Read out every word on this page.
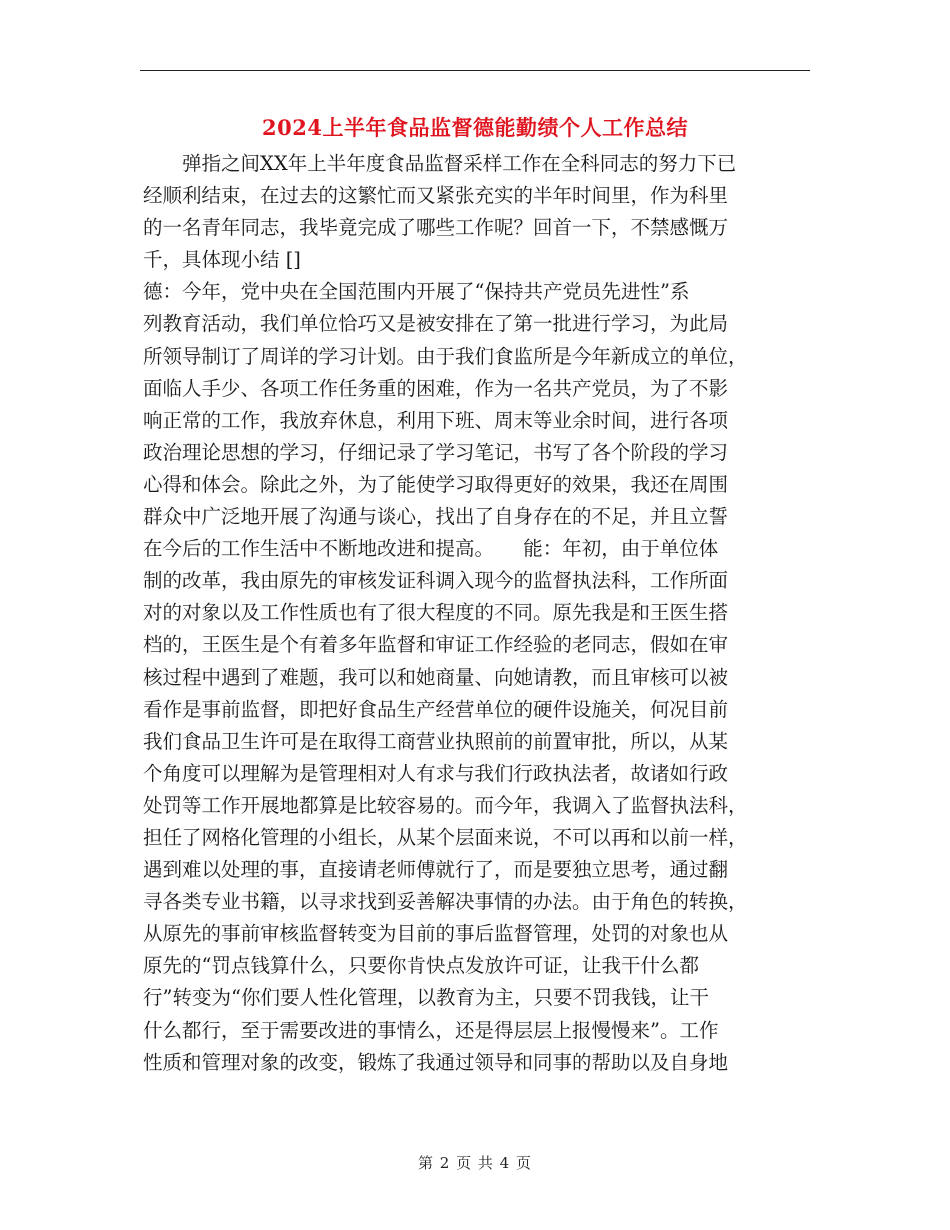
2024上半年食品监督德能勤绩个人工作总结
　　弹指之间XX年上半年度食品监督采样工作在全科同志的努力下已
经顺利结束，在过去的这繁忙而又紧张充实的半年时间里，作为科里
的一名青年同志，我毕竟完成了哪些工作呢？回首一下，不禁感慨万
千，具体现小结 []
德：今年，党中央在全国范围内开展了“保持共产党员先进性”系
列教育活动，我们单位恰巧又是被安排在了第一批进行学习，为此局
所领导制订了周详的学习计划。由于我们食监所是今年新成立的单位，
面临人手少、各项工作任务重的困难，作为一名共产党员，为了不影
响正常的工作，我放弃休息，利用下班、周末等业余时间，进行各项
政治理论思想的学习，仔细记录了学习笔记，书写了各个阶段的学习
心得和体会。除此之外，为了能使学习取得更好的效果，我还在周围
群众中广泛地开展了沟通与谈心，找出了自身存在的不足，并且立誓
在今后的工作生活中不断地改进和提高。　　能：年初，由于单位体
制的改革，我由原先的审核发证科调入现今的监督执法科，工作所面
对的对象以及工作性质也有了很大程度的不同。原先我是和王医生搭
档的，王医生是个有着多年监督和审证工作经验的老同志，假如在审
核过程中遇到了难题，我可以和她商量、向她请教，而且审核可以被
看作是事前监督，即把好食品生产经营单位的硬件设施关，何况目前
我们食品卫生许可是在取得工商营业执照前的前置审批，所以，从某
个角度可以理解为是管理相对人有求与我们行政执法者，故诸如行政
处罚等工作开展地都算是比较容易的。而今年，我调入了监督执法科，
担任了网格化管理的小组长，从某个层面来说，不可以再和以前一样，
遇到难以处理的事，直接请老师傅就行了，而是要独立思考，通过翻
寻各类专业书籍，以寻求找到妥善解决事情的办法。由于角色的转换，
从原先的事前审核监督转变为目前的事后监督管理，处罚的对象也从
原先的“罚点钱算什么，只要你肯快点发放许可证，让我干什么都
行”转变为“你们要人性化管理，以教育为主，只要不罚我钱，让干
什么都行，至于需要改进的事情么，还是得层层上报慢慢来”。工作
性质和管理对象的改变，锻炼了我通过领导和同事的帮助以及自身地
第 2 页 共 4 页
